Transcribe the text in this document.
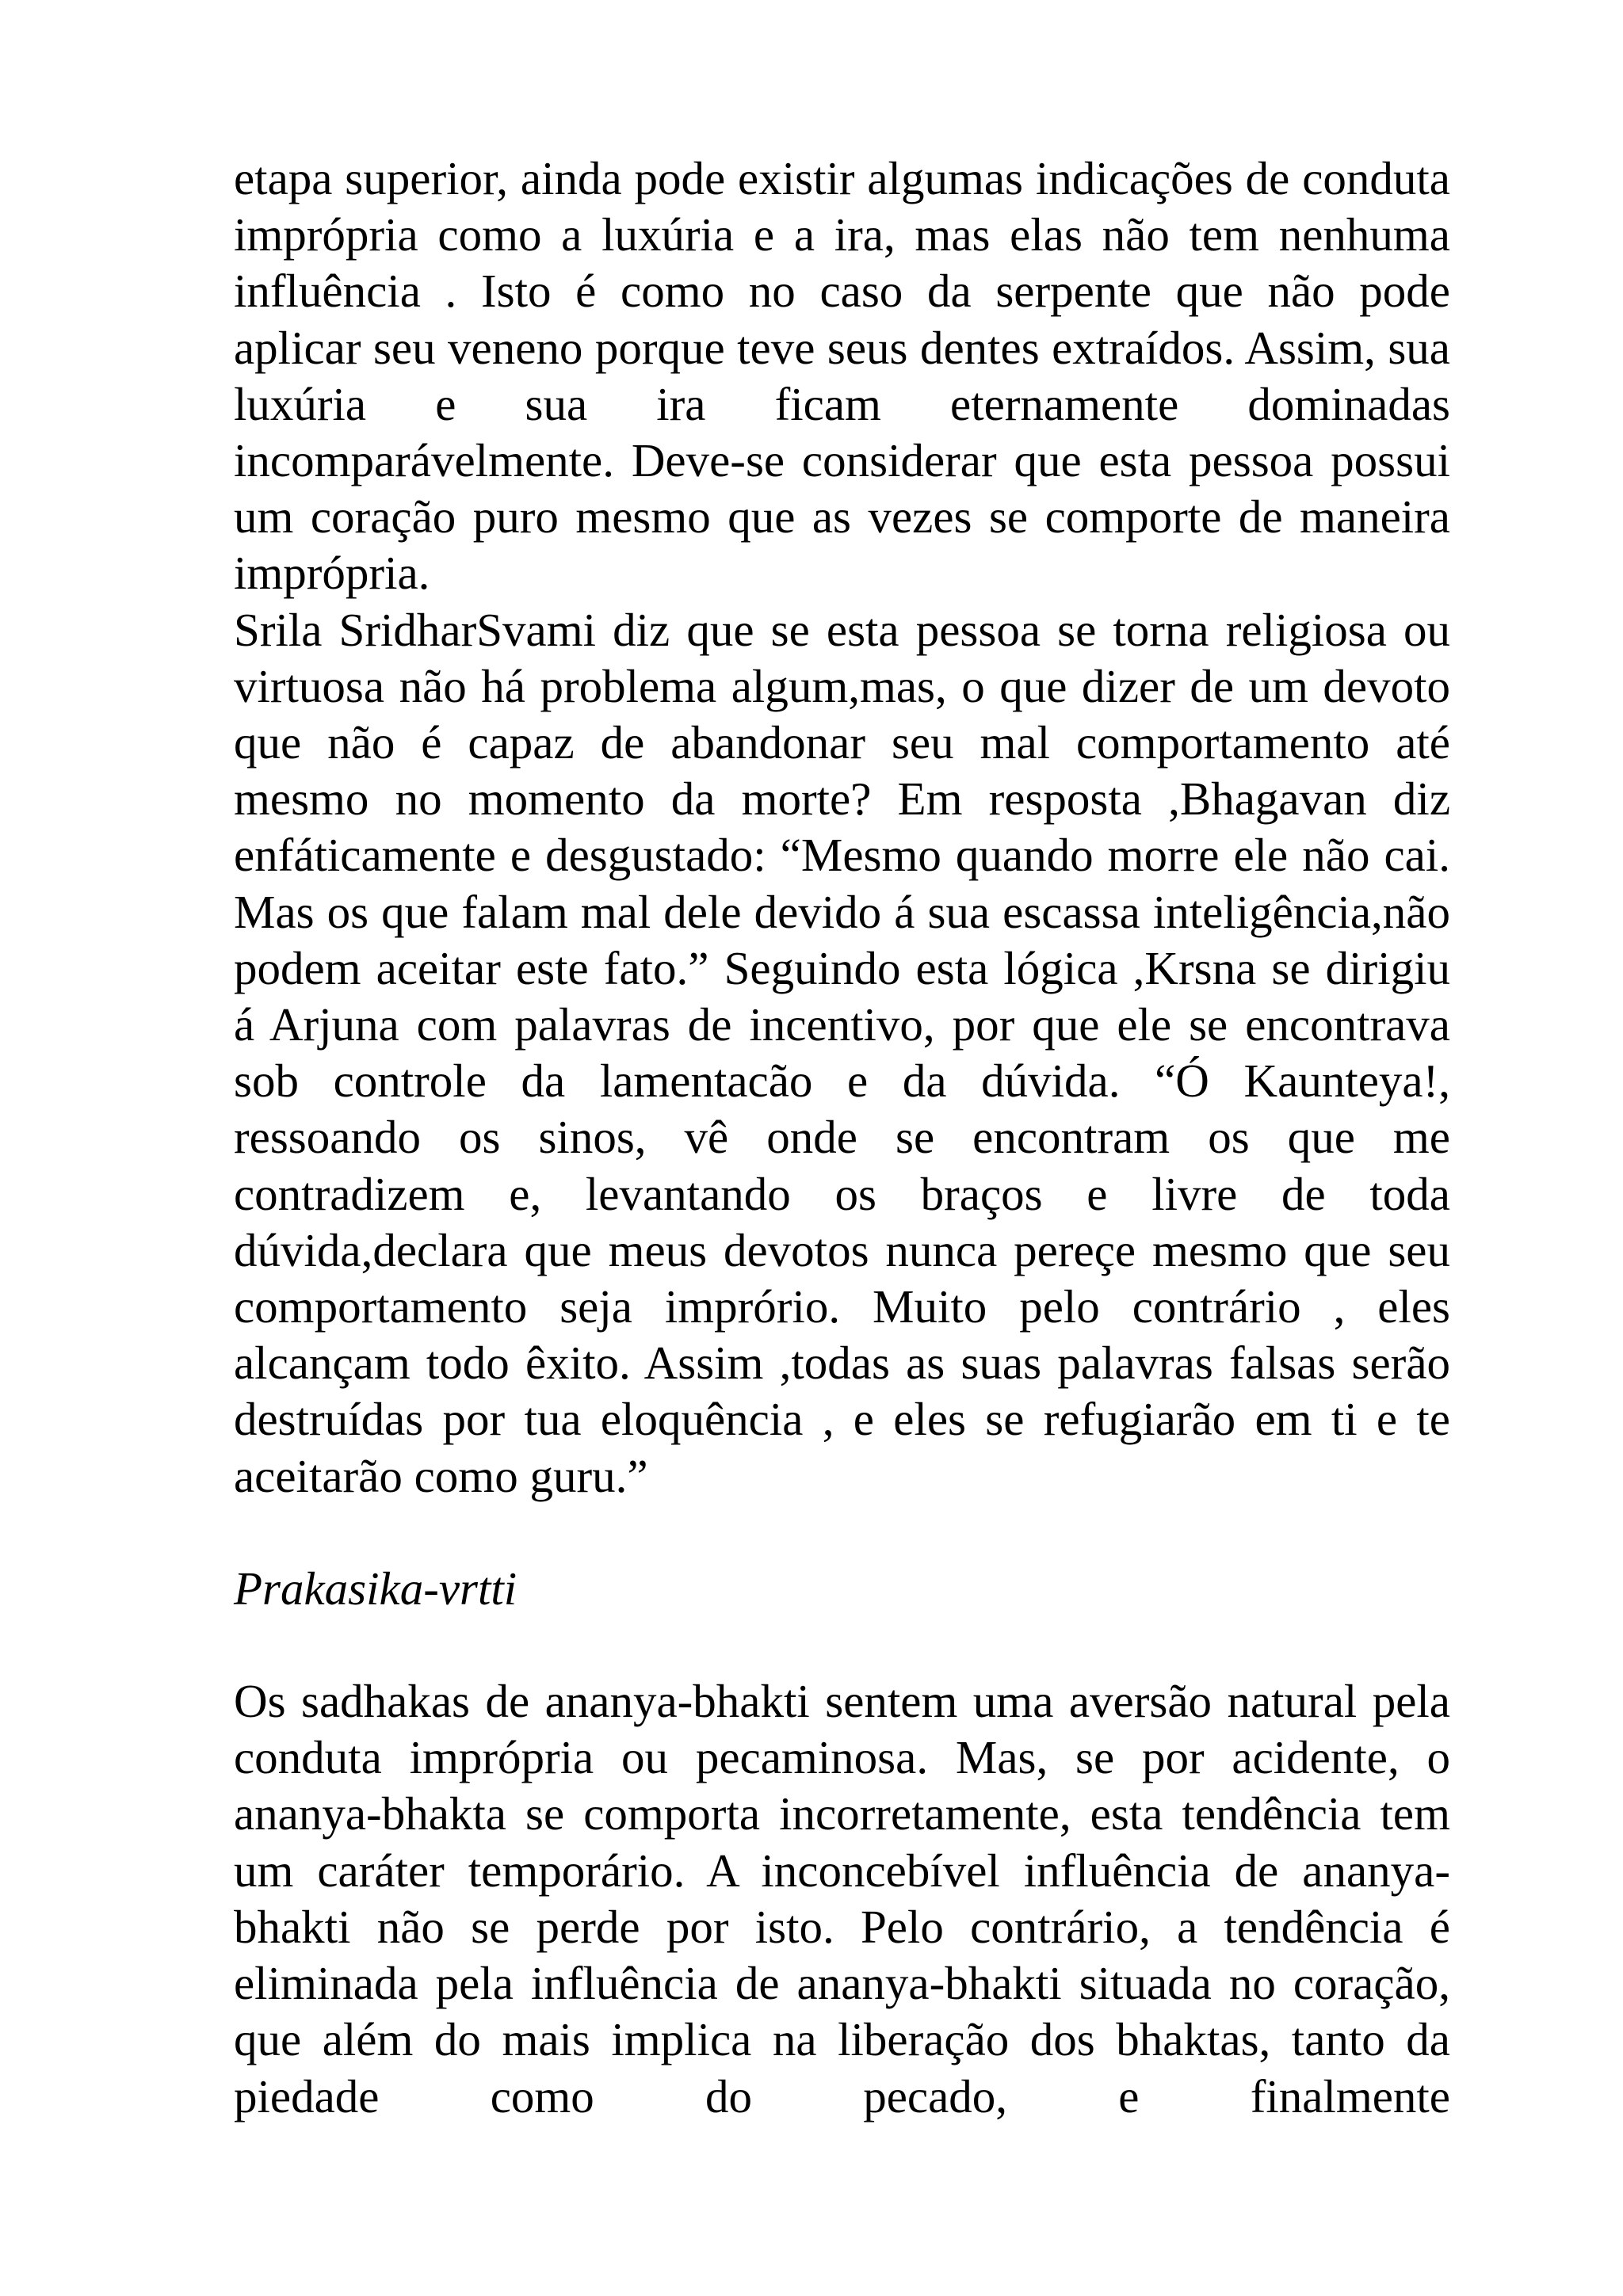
etapa superior, ainda pode existir algumas indicações de conduta imprópria como a luxúria e a ira, mas elas não tem nenhuma influência . Isto é como no caso da serpente que não pode aplicar seu veneno porque teve seus dentes extraídos. Assim, sua luxúria e sua ira ficam eternamente dominadas incomparávelmente. Deve-se considerar que esta pessoa possui um coração puro mesmo que as vezes se comporte de maneira imprópria.

Srila SridharSvami diz que se esta pessoa se torna religiosa ou virtuosa não há problema algum,mas, o que dizer de um devoto que não é capaz de abandonar seu mal comportamento até mesmo no momento da morte? Em resposta ,Bhagavan diz enfáticamente e desgustado: “Mesmo quando morre ele não cai. Mas os que falam mal dele devido á sua escassa inteligência,não podem aceitar este fato.” Seguindo esta lógica ,Krsna se dirigiu á Arjuna com palavras de incentivo, por que ele se encontrava sob controle da lamentacão e da dúvida. “Ó Kaunteya!, ressoando os sinos, vê onde se encontram os que me contradizem e, levantando os braços e livre de toda dúvida,declara que meus devotos nunca pereçe mesmo que seu comportamento seja imprório. Muito pelo contrário , eles alcançam todo êxito. Assim ,todas as suas palavras falsas serão destruídas por tua eloquência , e eles se refugiarão em ti e te aceitarão como guru.”

Prakasika-vrtti

Os sadhakas de ananya-bhakti sentem uma aversão natural pela conduta imprópria ou pecaminosa. Mas, se por acidente, o ananya-bhakta se comporta incorretamente, esta tendência tem um caráter temporário. A inconcebível influência de ananya-bhakti não se perde por isto. Pelo contrário, a tendência é eliminada pela influência de ananya-bhakti situada no coração, que além do mais implica na liberação dos bhaktas, tanto da piedade como do pecado, e finalmente
